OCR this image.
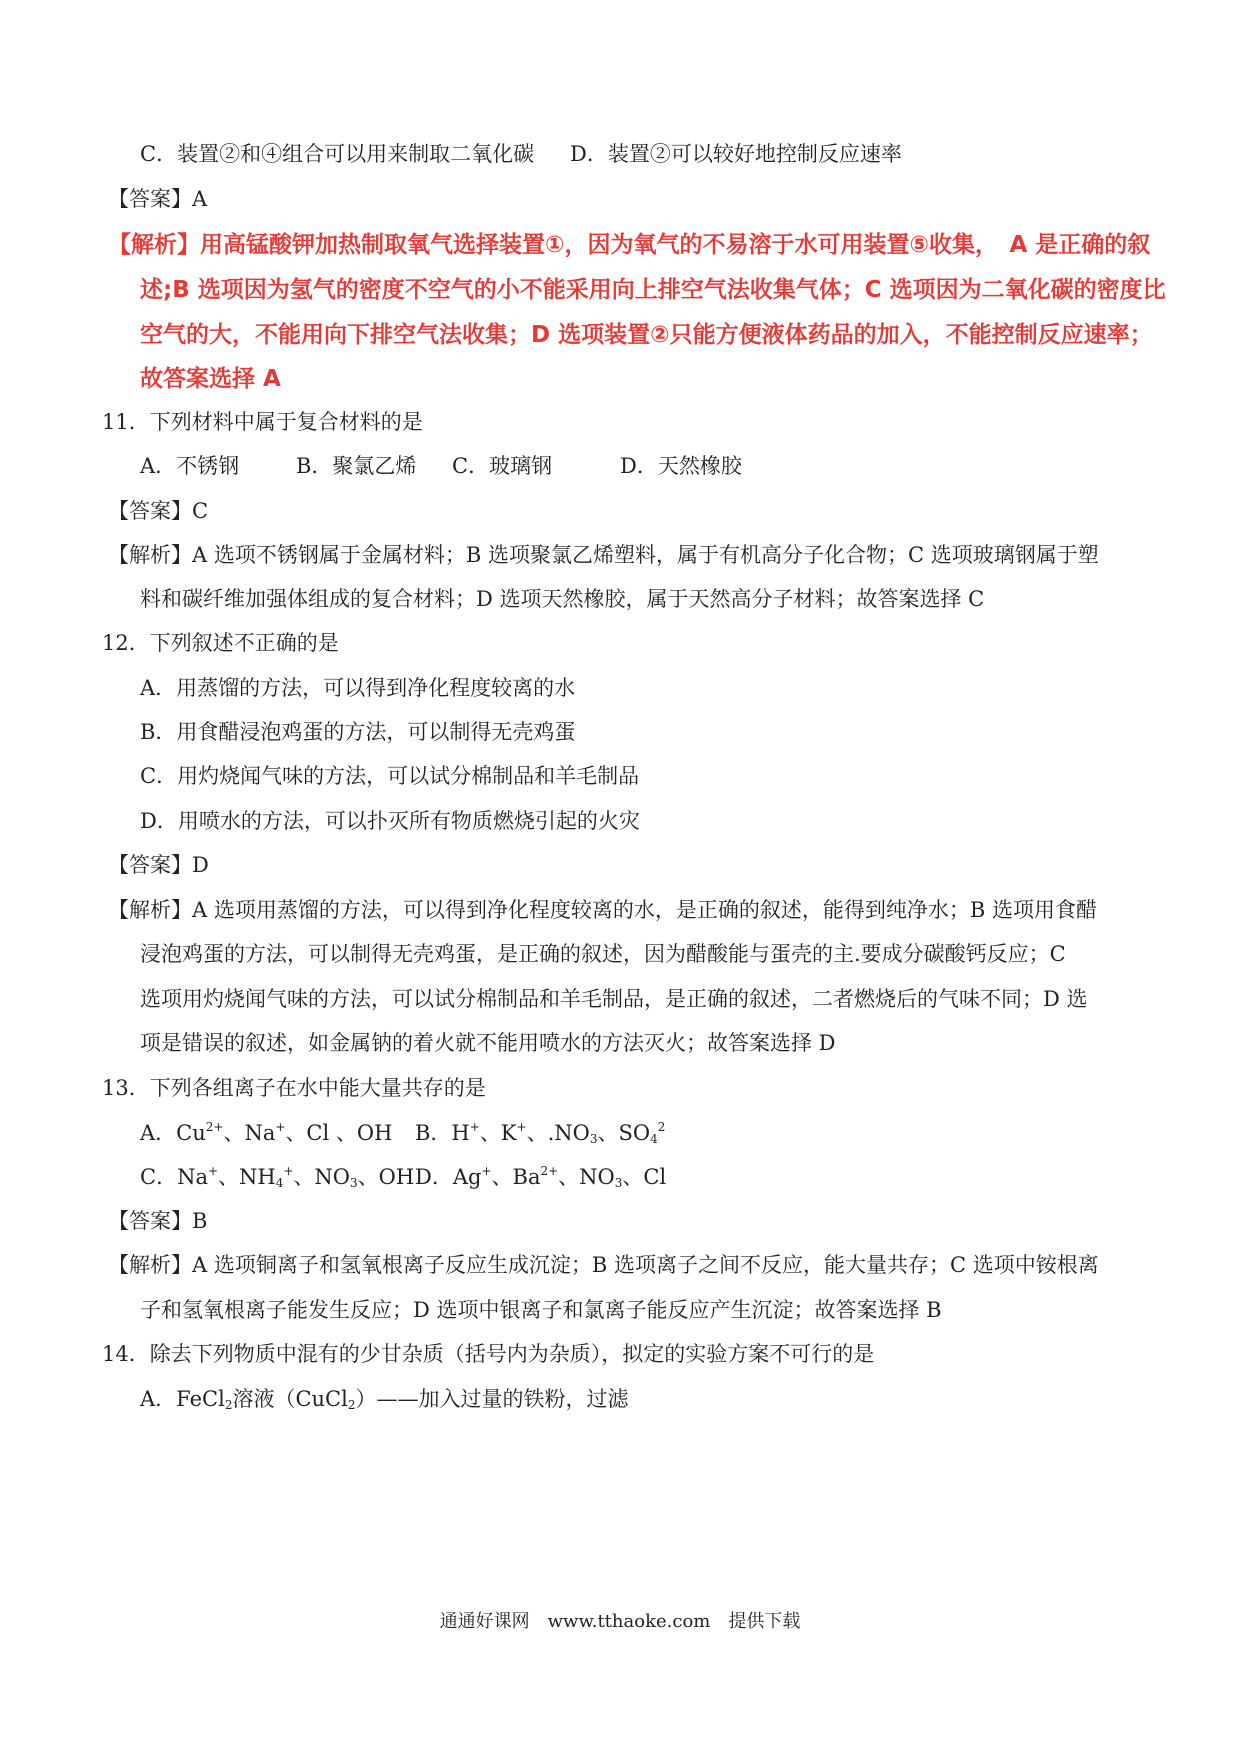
C．装置②和④组合可以用来制取二氧化碳 D．装置②可以较好地控制反应速率
【答案】A
【解析】用高锰酸钾加热制取氧气选择装置①，因为氧气的不易溶于水可用装置⑤收集，　A 是正确的叙
述;B 选项因为氢气的密度不空气的小不能采用向上排空气法收集气体；C 选项因为二氧化碳的密度比
空气的大，不能用向下排空气法收集；D 选项装置②只能方便液体药品的加入，不能控制反应速率；
故答案选择 A
11．下列材料中属于复合材料的是
A．不锈钢	B．聚氯乙烯 C．玻璃钢	D．天然橡胶
【答案】C
【解析】A 选项不锈钢属于金属材料；B 选项聚氯乙烯塑料，属于有机高分子化合物；C 选项玻璃钢属于塑
料和碳纤维加强体组成的复合材料；D 选项天然橡胶，属于天然高分子材料；故答案选择 C
12．下列叙述不正确的是
A．用蒸馏的方法，可以得到净化程度较离的水
B．用食醋浸泡鸡蛋的方法，可以制得无壳鸡蛋
C．用灼烧闻气味的方法，可以试分棉制品和羊毛制品
D．用喷水的方法，可以扑灭所有物质燃烧引起的火灾
【答案】D
【解析】A 选项用蒸馏的方法，可以得到净化程度较离的水，是正确的叙述，能得到纯净水；B 选项用食醋
浸泡鸡蛋的方法，可以制得无壳鸡蛋，是正确的叙述，因为醋酸能与蛋壳的主.要成分碳酸钙反应；C
选项用灼烧闻气味的方法，可以试分棉制品和羊毛制品，是正确的叙述，二者燃烧后的气味不同；D 选
项是错误的叙述，如金属钠的着火就不能用喷水的方法灭火；故答案选择 D
13．下列各组离子在水中能大量共存的是
A．$Cu^{2+}$、Na+、Cl 、OH B．H+、K+、$.NO_3$、$SO_4^2$
C．Na+、$NH_4^+$、$NO_3$、OH D．Ag+、$Ba^{2+}$、$NO_3$、Cl
【答案】B
【解析】A 选项铜离子和氢氧根离子反应生成沉淀；B 选项离子之间不反应，能大量共存；C 选项中铵根离
子和氢氧根离子能发生反应；D 选项中银离子和氯离子能反应产生沉淀；故答案选择 B
14．除去下列物质中混有的少甘杂质（括号内为杂质），拟定的实验方案不可行的是
A．FeCl$_2$溶液（CuCl$_2$）——加入过量的铁粉，过滤
通通好课网　www.tthaoke.com　提供下载
